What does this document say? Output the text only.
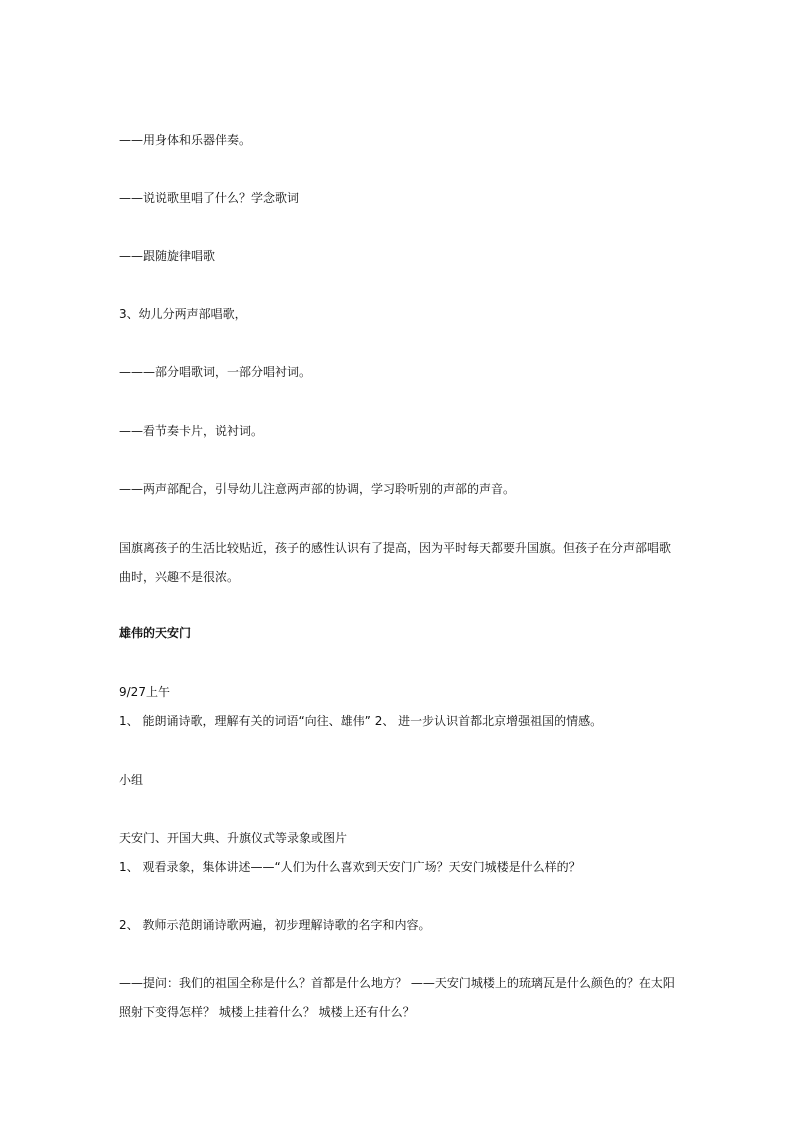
——用身体和乐器伴奏。
——说说歌里唱了什么？学念歌词
——跟随旋律唱歌
3、幼儿分两声部唱歌，
———部分唱歌词，一部分唱衬词。
——看节奏卡片，说衬词。
——两声部配合，引导幼儿注意两声部的协调，学习聆听别的声部的声音。
国旗离孩子的生活比较贴近，孩子的感性认识有了提高，因为平时每天都要升国旗。但孩子在分声部唱歌曲时，兴趣不是很浓。
雄伟的天安门
9/27上午
1、 能朗诵诗歌，理解有关的词语“向往、雄伟” 2、 进一步认识首都北京增强祖国的情感。
小组
天安门、开国大典、升旗仪式等录象或图片
1、 观看录象，集体讲述——“人们为什么喜欢到天安门广场？天安门城楼是什么样的？
2、 教师示范朗诵诗歌两遍，初步理解诗歌的名字和内容。
——提问：我们的祖国全称是什么？首都是什么地方？ ——天安门城楼上的琉璃瓦是什么颜色的？在太阳照射下变得怎样？ 城楼上挂着什么？ 城楼上还有什么？
